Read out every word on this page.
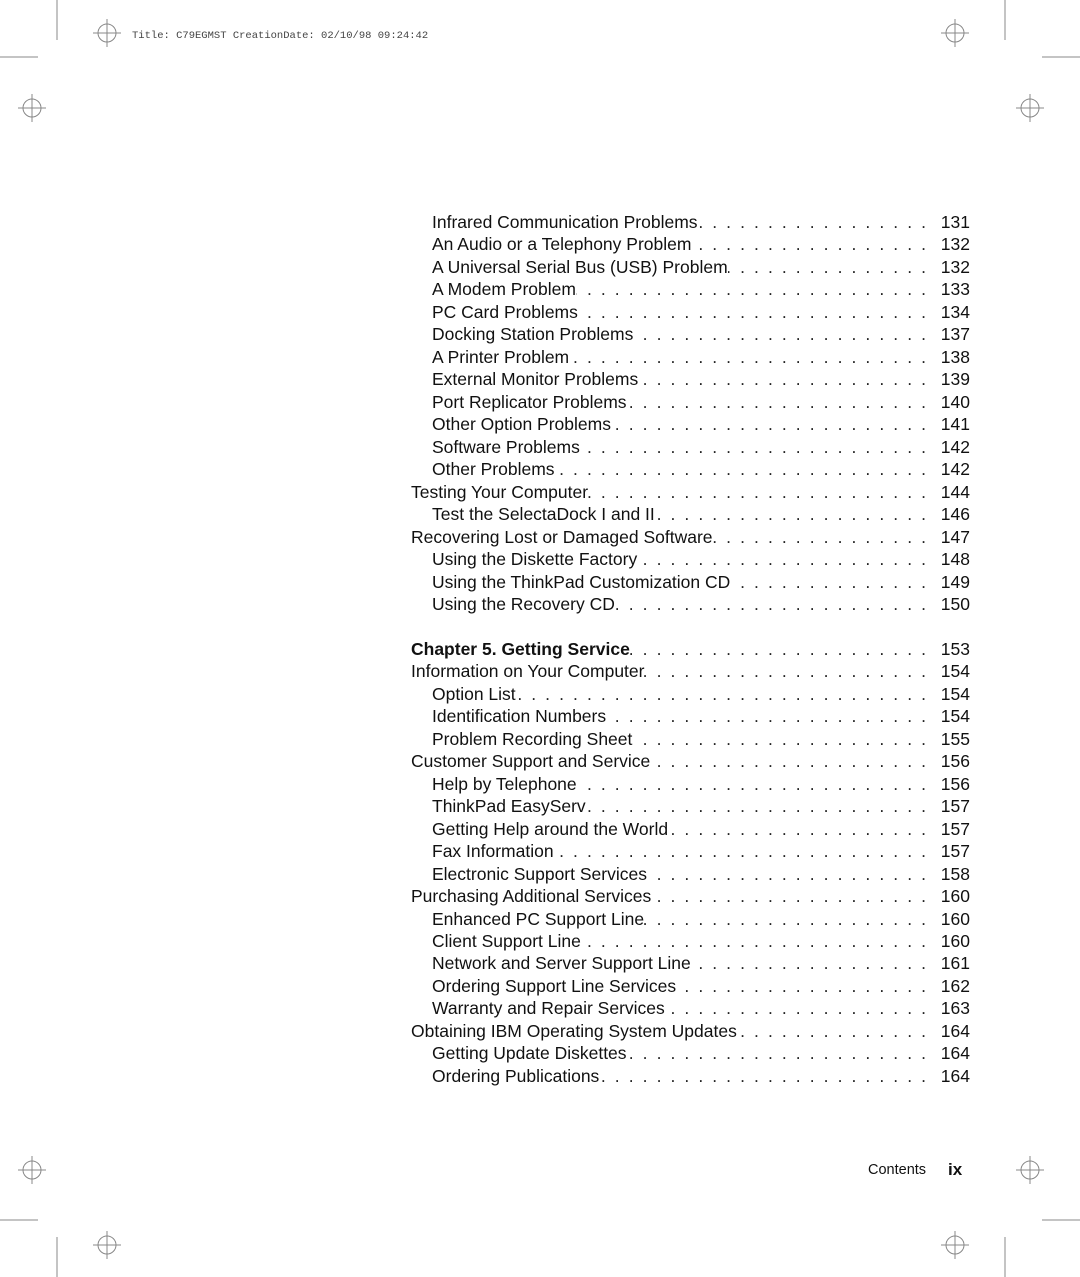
Title: C79EGMST CreationDate: 02/10/98 09:24:42
Infrared Communication Problems . . .	131
An Audio or a Telephony Problem . . .	132
A Universal Serial Bus (USB) Problem . . .	132
A Modem Problem . . .	133
PC Card Problems . . .	134
Docking Station Problems . . .	137
A Printer Problem . . .	138
External Monitor Problems . . .	139
Port Replicator Problems . . .	140
Other Option Problems . . .	141
Software Problems . . .	142
Other Problems . . .	142
Testing Your Computer . . .	144
Test the SelectaDock I and II . . .	146
Recovering Lost or Damaged Software . . .	147
Using the Diskette Factory . . .	148
Using the ThinkPad Customization CD . . .	149
Using the Recovery CD . . .	150
Chapter 5. Getting Service . . .	153
Information on Your Computer . . .	154
Option List . . .	154
Identification Numbers . . .	154
Problem Recording Sheet . . .	155
Customer Support and Service . . .	156
Help by Telephone . . .	156
ThinkPad EasyServ . . .	157
Getting Help around the World . . .	157
Fax Information . . .	157
Electronic Support Services . . .	158
Purchasing Additional Services . . .	160
Enhanced PC Support Line . . .	160
Client Support Line . . .	160
Network and Server Support Line . . .	161
Ordering Support Line Services . . .	162
Warranty and Repair Services . . .	163
Obtaining IBM Operating System Updates . . .	164
Getting Update Diskettes . . .	164
Ordering Publications . . .	164
Contents ix
